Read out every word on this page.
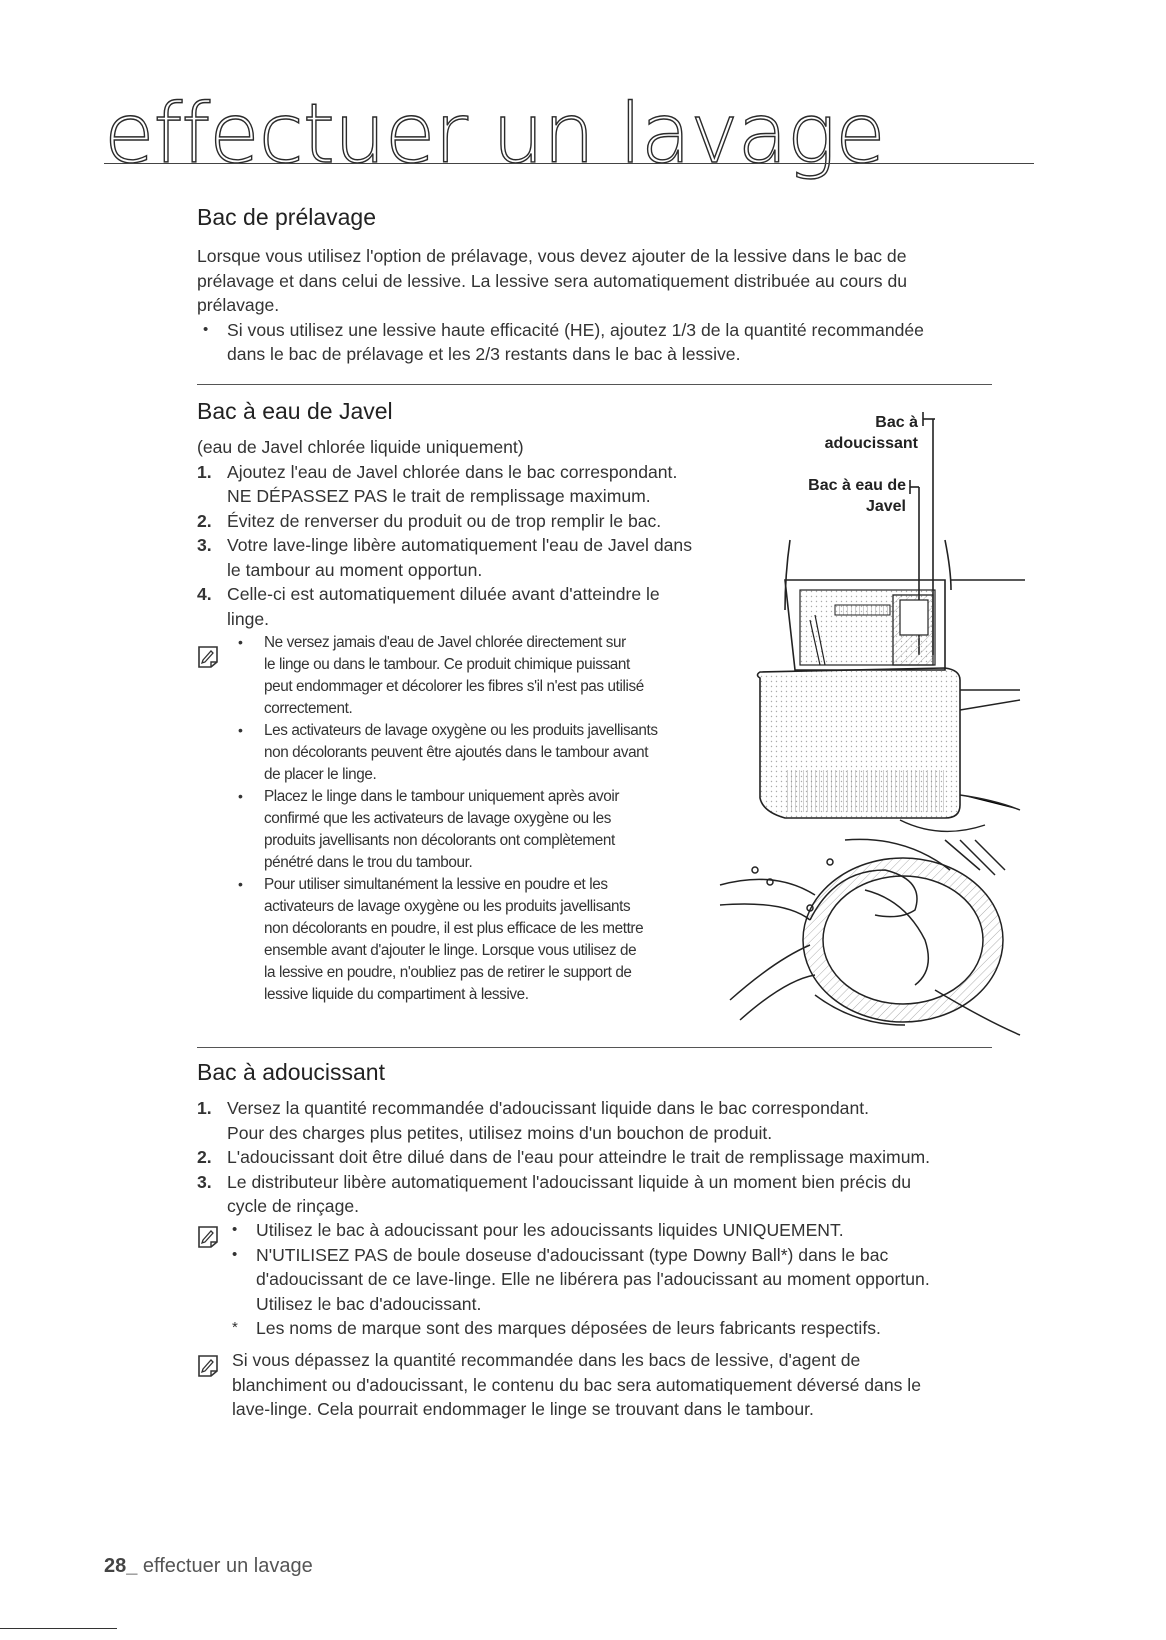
effectuer un lavage
Bac de prélavage
Lorsque vous utilisez l'option de prélavage, vous devez ajouter de la lessive dans le bac de
prélavage et dans celui de lessive. La lessive sera automatiquement distribuée au cours du
prélavage.
• Si vous utilisez une lessive haute efficacité (HE), ajoutez 1/3 de la quantité recommandée
dans le bac de prélavage et les 2/3 restants dans le bac à lessive.
Bac à eau de Javel
(eau de Javel chlorée liquide uniquement)
1. Ajoutez l'eau de Javel chlorée dans le bac correspondant.
NE DÉPASSEZ PAS le trait de remplissage maximum.
2. Évitez de renverser du produit ou de trop remplir le bac.
3. Votre lave-linge libère automatiquement l'eau de Javel dans
le tambour au moment opportun.
4. Celle-ci est automatiquement diluée avant d'atteindre le
linge.
• Ne versez jamais d'eau de Javel chlorée directement sur
le linge ou dans le tambour. Ce produit chimique puissant
peut endommager et décolorer les fibres s'il n'est pas utilisé
correctement.
• Les activateurs de lavage oxygène ou les produits javellisants
non décolorants peuvent être ajoutés dans le tambour avant
de placer le linge.
• Placez le linge dans le tambour uniquement après avoir
confirmé que les activateurs de lavage oxygène ou les
produits javellisants non décolorants ont complètement
pénétré dans le trou du tambour.
• Pour utiliser simultanément la lessive en poudre et les
activateurs de lavage oxygène ou les produits javellisants
non décolorants en poudre, il est plus efficace de les mettre
ensemble avant d'ajouter le linge. Lorsque vous utilisez de
la lessive en poudre, n'oubliez pas de retirer le support de
lessive liquide du compartiment à lessive.
Bac à
adoucissant
Bac à eau de
Javel
Bac à adoucissant
1. Versez la quantité recommandée d'adoucissant liquide dans le bac correspondant.
Pour des charges plus petites, utilisez moins d'un bouchon de produit.
2. L'adoucissant doit être dilué dans de l'eau pour atteindre le trait de remplissage maximum.
3. Le distributeur libère automatiquement l'adoucissant liquide à un moment bien précis du
cycle de rinçage.
• Utilisez le bac à adoucissant pour les adoucissants liquides UNIQUEMENT.
• N'UTILISEZ PAS de boule doseuse d'adoucissant (type Downy Ball*) dans le bac
d'adoucissant de ce lave-linge. Elle ne libérera pas l'adoucissant au moment opportun.
Utilisez le bac d'adoucissant.
* Les noms de marque sont des marques déposées de leurs fabricants respectifs.
Si vous dépassez la quantité recommandée dans les bacs de lessive, d'agent de
blanchiment ou d'adoucissant, le contenu du bac sera automatiquement déversé dans le
lave-linge. Cela pourrait endommager le linge se trouvant dans le tambour.
28_ effectuer un lavage
